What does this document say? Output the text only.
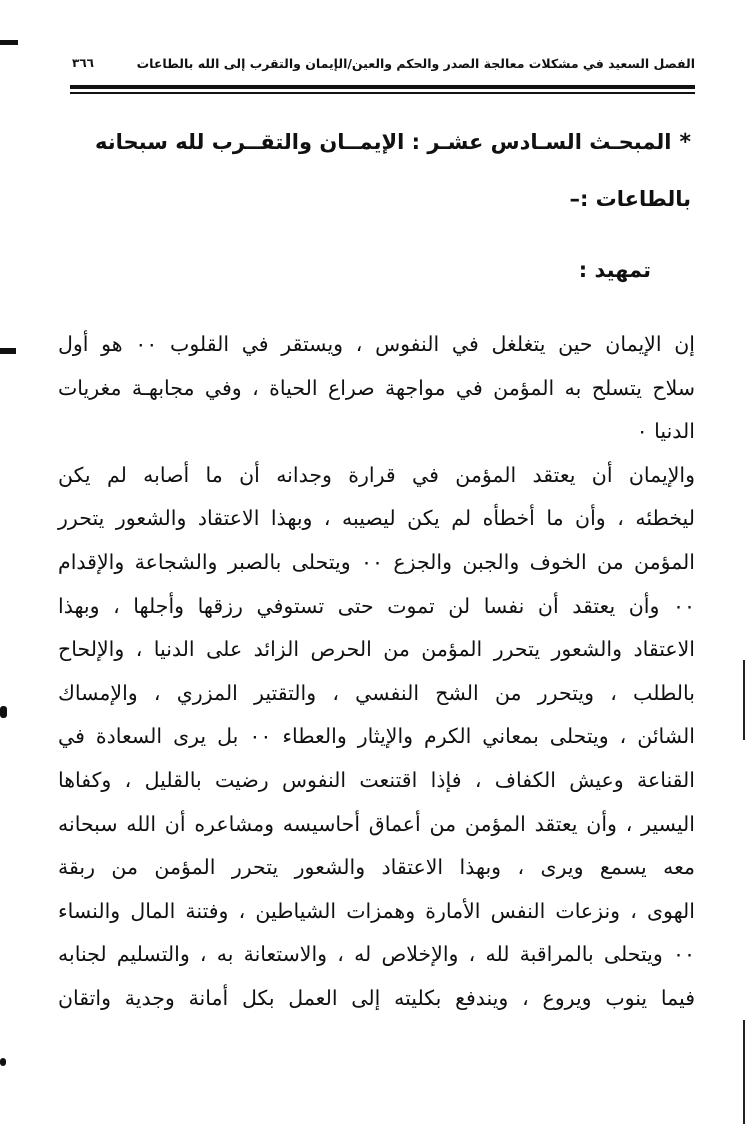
الفصل السعيد في مشكلات معالجة الصدر والحكم والعين/الإيمان والتقرب إلى الله بالطاعات
٣٦٦
*المبحـث السـادس عشـر : الإيمــان والتقــرب لله سبحانه
بالطاعات :–
تمهيد :
إن الإيمان حين يتغلغل في النفوس ، ويستقر في القلوب ٠٠ هو أول
سلاح يتسلح به المؤمن في مواجهة صراع الحياة ، وفي مجابهـة مغريات
الدنيا ٠
والإيمان أن يعتقد المؤمن في قرارة وجدانه أن ما أصابه لم يكن
ليخطئه ، وأن ما أخطأه لم يكن ليصيبه ، وبهذا الاعتقاد والشعور يتحرر
المؤمن من الخوف والجبن والجزع ٠٠ ويتحلى بالصبر والشجاعة والإقدام
٠٠ وأن يعتقد أن نفسا لن تموت حتى تستوفي رزقها وأجلها ، وبهذا
الاعتقاد والشعور يتحرر المؤمن من الحرص الزائد على الدنيا ، والإلحاح
بالطلب ، ويتحرر من الشح النفسي ، والتقتير المزري ، والإمساك
الشائن ، ويتحلى بمعاني الكرم والإيثار والعطاء ٠٠ بل يرى السعادة في
القناعة وعيش الكفاف ، فإذا اقتنعت النفوس رضيت بالقليل ، وكفاها
اليسير ، وأن يعتقد المؤمن من أعماق أحاسيسه ومشاعره أن الله سبحانه
معه يسمع ويرى ، وبهذا الاعتقاد والشعور يتحرر المؤمن من ربقة
الهوى ، ونزعات النفس الأمارة وهمزات الشياطين ، وفتنة المال والنساء
٠٠ ويتحلى بالمراقبة لله ، والإخلاص له ، والاستعانة به ، والتسليم لجنابه
فيما ينوب ويروع ، ويندفع بكليته إلى العمل بكل أمانة وجدية واتقان
